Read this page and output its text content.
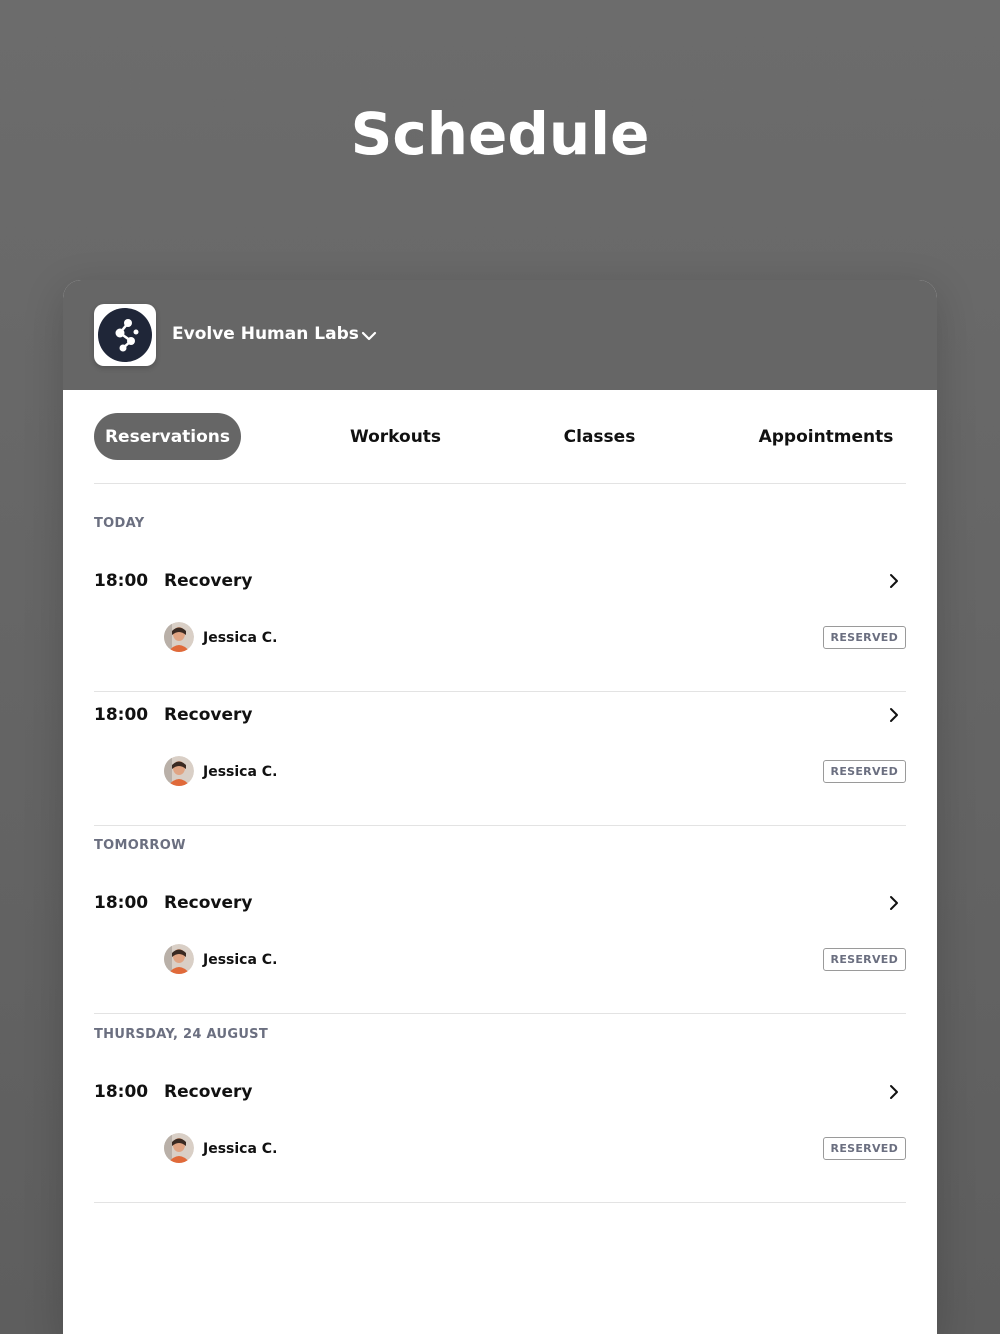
Schedule
Evolve Human Labs
Reservations	Workouts	Classes	Appointments
TODAY
18:00 Recovery
Jessica C.	RESERVED
18:00 Recovery
Jessica C.	RESERVED
TOMORROW
18:00 Recovery
Jessica C.	RESERVED
THURSDAY, 24 AUGUST
18:00 Recovery
Jessica C.	RESERVED
